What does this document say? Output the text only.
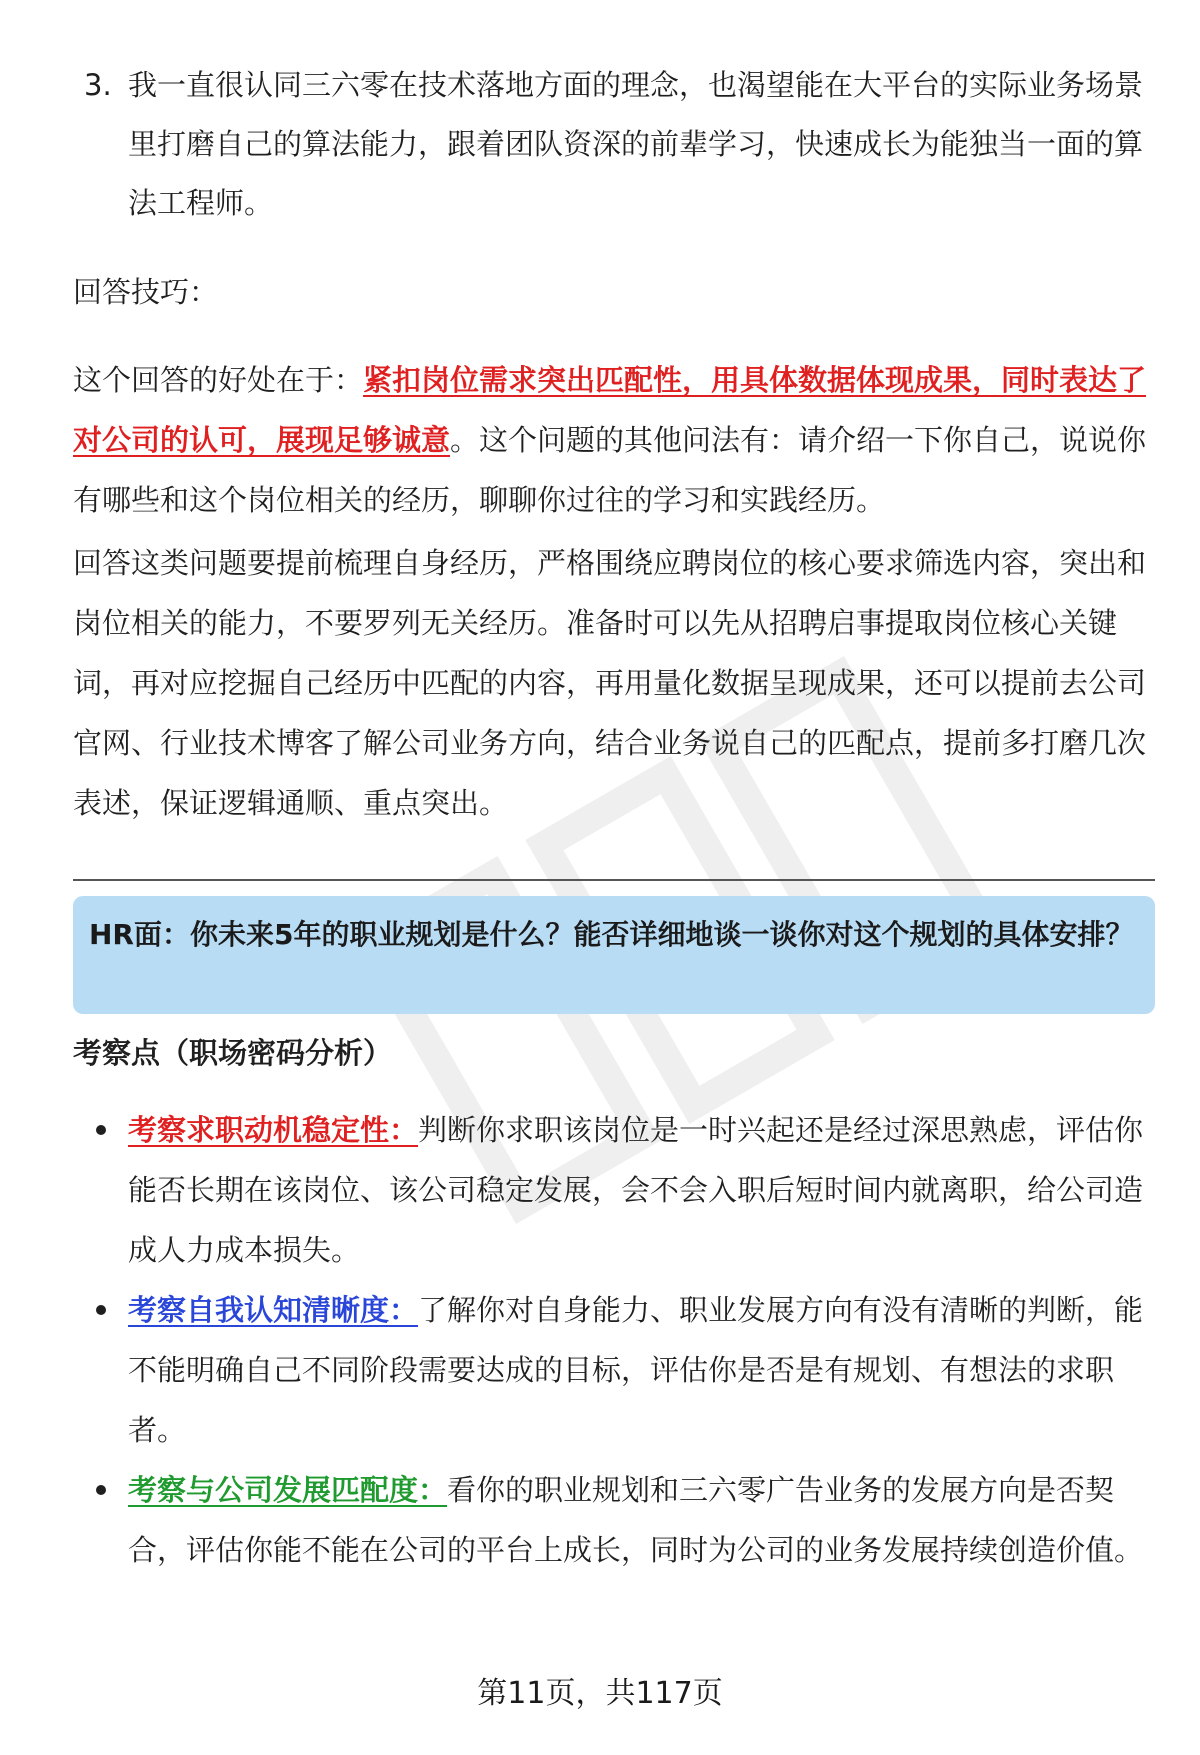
3. 我一直很认同三六零在技术落地方面的理念，也渴望能在大平台的实际业务场景里打磨自己的算法能力，跟着团队资深的前辈学习，快速成长为能独当一面的算法工程师。
回答技巧：
这个回答的好处在于：紧扣岗位需求突出匹配性，用具体数据体现成果，同时表达了对公司的认可，展现足够诚意。这个问题的其他问法有：请介绍一下你自己，说说你有哪些和这个岗位相关的经历，聊聊你过往的学习和实践经历。
回答这类问题要提前梳理自身经历，严格围绕应聘岗位的核心要求筛选内容，突出和岗位相关的能力，不要罗列无关经历。准备时可以先从招聘启事提取岗位核心关键词，再对应挖掘自己经历中匹配的内容，再用量化数据呈现成果，还可以提前去公司官网、行业技术博客了解公司业务方向，结合业务说自己的匹配点，提前多打磨几次表述，保证逻辑通顺、重点突出。
HR面：你未来5年的职业规划是什么？能否详细地谈一谈你对这个规划的具体安排？
考察点（职场密码分析）
考察求职动机稳定性：判断你求职该岗位是一时兴起还是经过深思熟虑，评估你能否长期在该岗位、该公司稳定发展，会不会入职后短时间内就离职，给公司造成人力成本损失。
考察自我认知清晰度：了解你对自身能力、职业发展方向有没有清晰的判断，能不能明确自己不同阶段需要达成的目标，评估你是否是有规划、有想法的求职者。
考察与公司发展匹配度：看你的职业规划和三六零广告业务的发展方向是否契合，评估你能不能在公司的平台上成长，同时为公司的业务发展持续创造价值。
第11页，共117页
